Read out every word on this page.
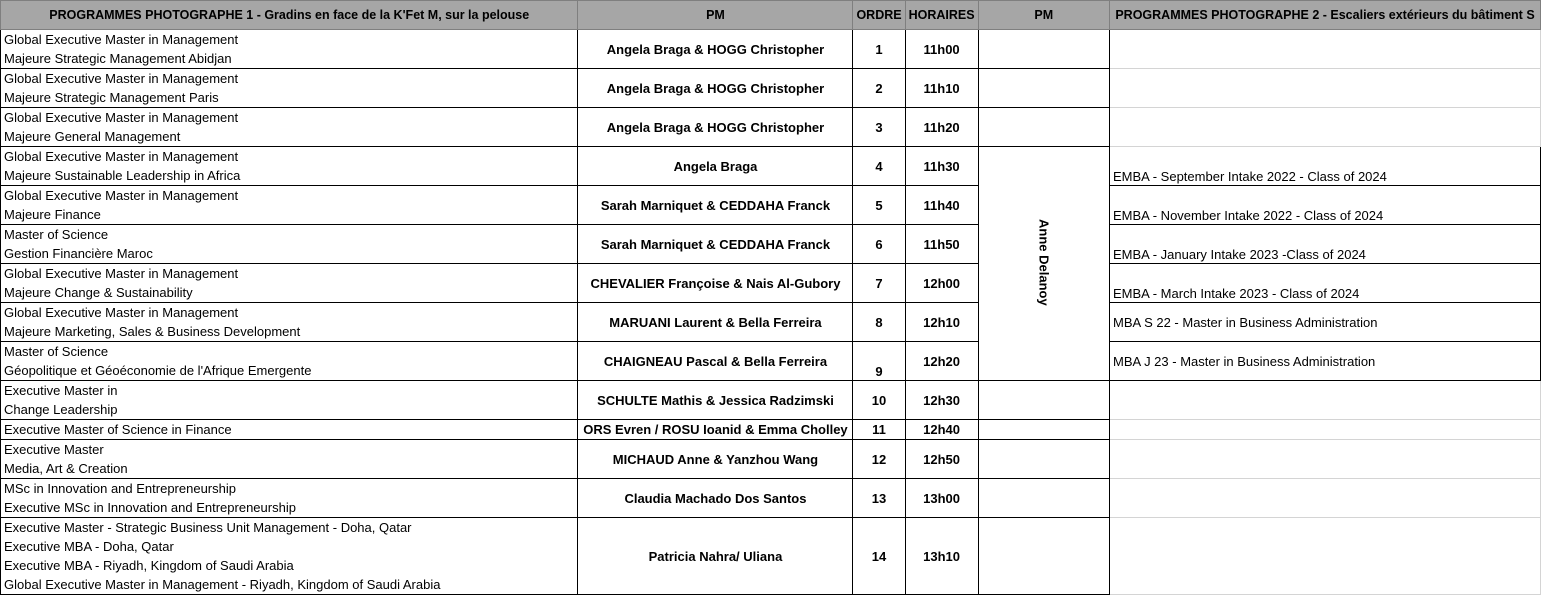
PROGRAMMES PHOTOGRAPHE 1 - Gradins en face de la K'Fet M, sur la pelouse	PM	ORDRE	HORAIRES	PM	PROGRAMMES PHOTOGRAPHE 2 - Escaliers extérieurs du bâtiment S

Global Executive Master in Management
Majeure Strategic Management Abidjan	Angela Braga & HOGG Christopher	1	11h00		

Global Executive Master in Management
Majeure Strategic Management Paris	Angela Braga & HOGG Christopher	2	11h10		

Global Executive Master in Management
Majeure General Management	Angela Braga & HOGG Christopher	3	11h20		

Global Executive Master in Management
Majeure Sustainable Leadership in Africa	Angela Braga	4	11h30	Anne Delanoy	EMBA - September Intake 2022 - Class of 2024

Global Executive Master in Management
Majeure Finance	Sarah Marniquet & CEDDAHA Franck	5	11h40		EMBA - November Intake 2022 - Class of 2024

Master of Science
Gestion Financière Maroc	Sarah Marniquet & CEDDAHA Franck	6	11h50		EMBA - January Intake 2023 -Class of 2024

Global Executive Master in Management
Majeure Change & Sustainability	CHEVALIER Françoise & Nais Al-Gubory	7	12h00		EMBA - March Intake 2023 - Class of 2024

Global Executive Master in Management
Majeure Marketing, Sales & Business Development	MARUANI Laurent & Bella Ferreira	8	12h10		MBA S 22 - Master in Business Administration

Master of Science
Géopolitique et Géoéconomie de l'Afrique Emergente	CHAIGNEAU Pascal & Bella Ferreira	9	12h20		MBA J 23 - Master in Business Administration

Executive Master in
Change Leadership	SCHULTE Mathis & Jessica Radzimski	10	12h30		

Executive Master of Science in Finance	ORS Evren / ROSU Ioanid & Emma Cholley	11	12h40		

Executive Master
Media, Art & Creation	MICHAUD Anne & Yanzhou Wang	12	12h50		

MSc in Innovation and Entrepreneurship
Executive MSc in Innovation and Entrepreneurship	Claudia Machado Dos Santos	13	13h00		

Executive Master - Strategic Business Unit Management - Doha, Qatar
Executive MBA - Doha, Qatar
Executive MBA - Riyadh, Kingdom of Saudi Arabia
Global Executive Master in Management - Riyadh, Kingdom of Saudi Arabia	Patricia Nahra/ Uliana	14	13h10		
